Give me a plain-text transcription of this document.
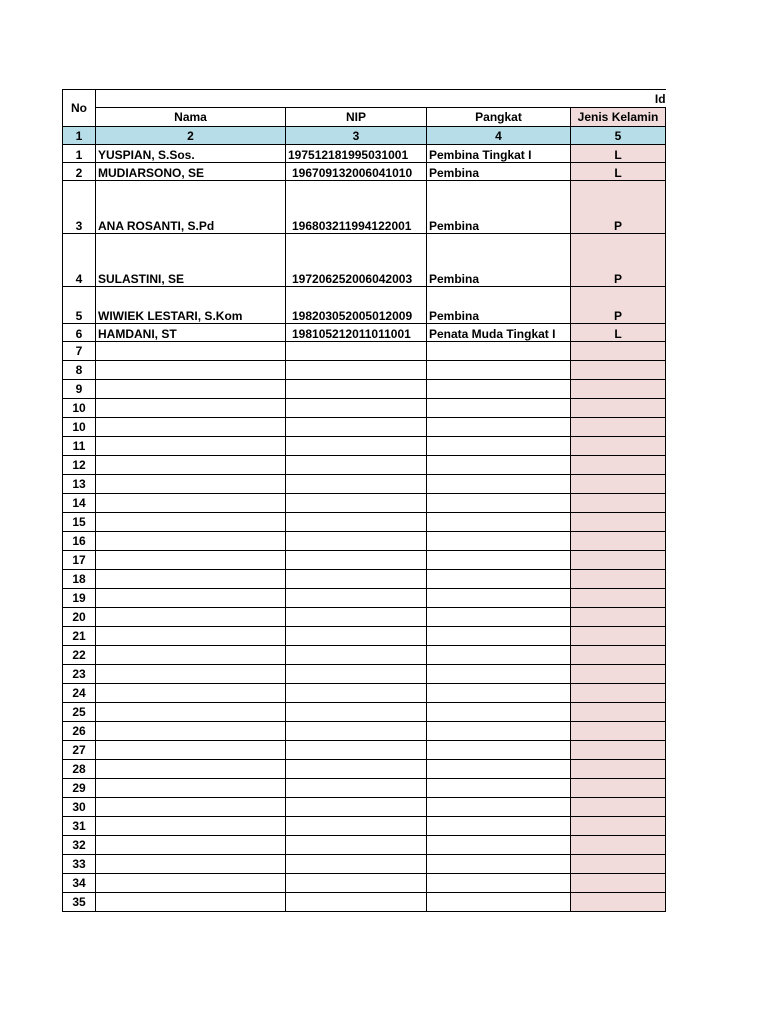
No	Id			
	Nama	NIP	Pangkat	Jenis Kelamin
1	2	3	4	5
1	YUSPIAN, S.Sos.	197512181995031001	Pembina Tingkat I	L
2	MUDIARSONO, SE	196709132006041010	Pembina	L
3	ANA ROSANTI, S.Pd	196803211994122001	Pembina	P
4	SULASTINI, SE	197206252006042003	Pembina	P
5	WIWIEK LESTARI, S.Kom	198203052005012009	Pembina	P
6	HAMDANI, ST	198105212011011001	Penata Muda Tingkat I	L
7				
8				
9				
10				
10				
11				
12				
13				
14				
15				
16				
17				
18				
19				
20				
21				
22				
23				
24				
25				
26				
27				
28				
29				
30				
31				
32				
33				
34				
35				
